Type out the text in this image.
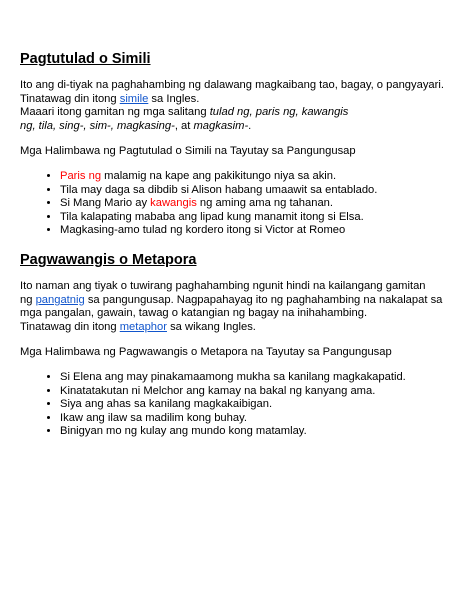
Pagtutulad o Simili

Ito ang di-tiyak na paghahambing ng dalawang magkaibang tao, bagay, o pangyayari.
Tinatawag din itong simile sa Ingles.
Maaari itong gamitan ng mga salitang tulad ng, paris ng, kawangis
ng, tila, sing-, sim-, magkasing-, at magkasim-.

Mga Halimbawa ng Pagtutulad o Simili na Tayutay sa Pangungusap

• Paris ng malamig na kape ang pakikitungo niya sa akin.
• Tila may daga sa dibdib si Alison habang umaawit sa entablado.
• Si Mang Mario ay kawangis ng aming ama ng tahanan.
• Tila kalapating mababa ang lipad kung manamit itong si Elsa.
• Magkasing-amo tulad ng kordero itong si Victor at Romeo
Pagwawangis o Metapora

Ito naman ang tiyak o tuwirang paghahambing ngunit hindi na kailangang gamitan
ng pangatnig sa pangungusap. Nagpapahayag ito ng paghahambing na nakalapat sa
mga pangalan, gawain, tawag o katangian ng bagay na inihahambing.
Tinatawag din itong metaphor sa wikang Ingles.

Mga Halimbawa ng Pagwawangis o Metapora na Tayutay sa Pangungusap

• Si Elena ang may pinakamaamong mukha sa kanilang magkakapatid.
• Kinatatakutan ni Melchor ang kamay na bakal ng kanyang ama.
• Siya ang ahas sa kanilang magkakaibigan.
• Ikaw ang ilaw sa madilim kong buhay.
• Binigyan mo ng kulay ang mundo kong matamlay.
